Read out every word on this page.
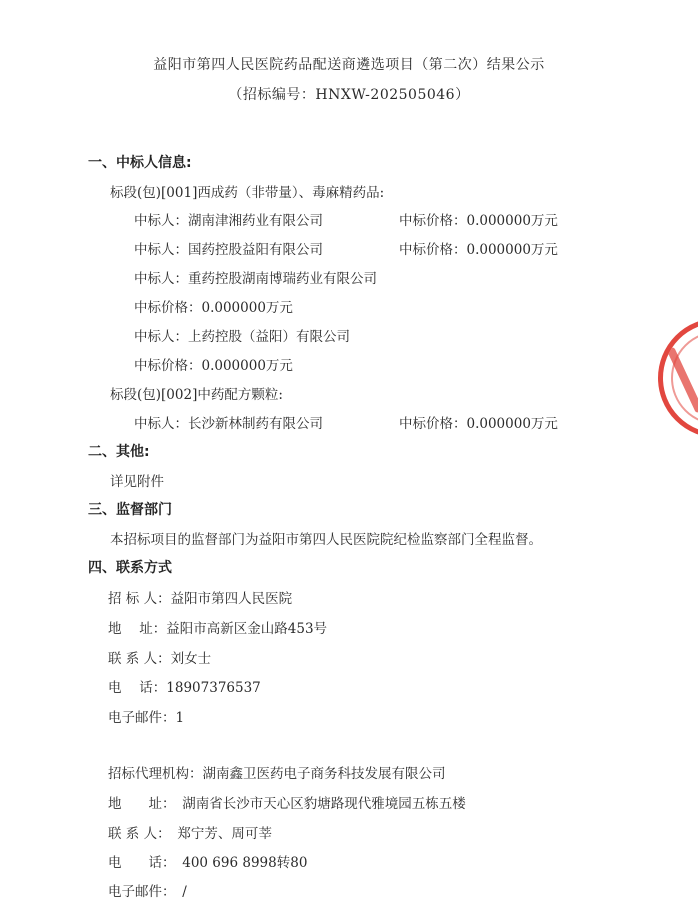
益阳市第四人民医院药品配送商遴选项目（第二次）结果公示
（招标编号：HNXW-202505046）
一、中标人信息:
标段(包)[001]西成药（非带量）、毒麻精药品:
中标人：湖南津湘药业有限公司	中标价格：0.000000万元
中标人：国药控股益阳有限公司	中标价格：0.000000万元
中标人：重药控股湖南博瑞药业有限公司
中标价格：0.000000万元
中标人：上药控股（益阳）有限公司
中标价格：0.000000万元
标段(包)[002]中药配方颗粒:
中标人：长沙新林制药有限公司	中标价格：0.000000万元
二、其他:
详见附件
三、监督部门
本招标项目的监督部门为益阳市第四人民医院院纪检监察部门全程监督。
四、联系方式
招 标 人：益阳市第四人民医院
地　 址：益阳市高新区金山路453号
联 系 人：刘女士
电　 话：18907376537
电子邮件：1
招标代理机构：湖南鑫卫医药电子商务科技发展有限公司
地　　址：　湖南省长沙市天心区豹塘路现代雅境园五栋五楼
联 系 人：　郑宁芳、周可莘
电　　话：　400 696 8998转80
电子邮件：　/
